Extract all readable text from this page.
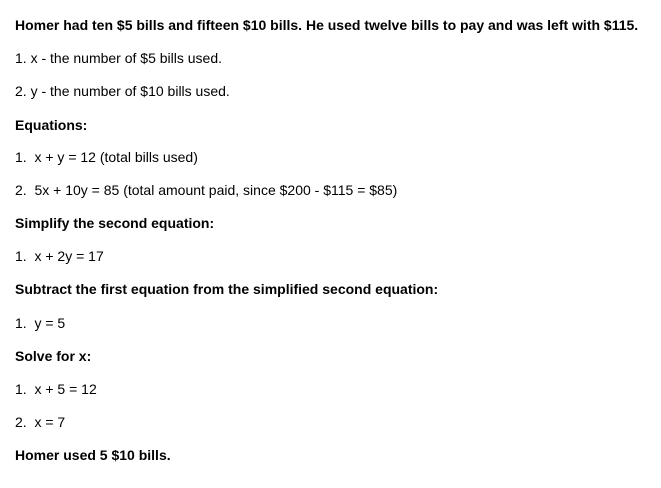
Homer had ten $5 bills and fifteen $10 bills. He used twelve bills to pay and was left with $115.
1. x - the number of $5 bills used.
2. y - the number of $10 bills used.
Equations:
1. x + y = 12 (total bills used)
2. 5x + 10y = 85 (total amount paid, since $200 - $115 = $85)
Simplify the second equation:
1. x + 2y = 17
Subtract the first equation from the simplified second equation:
1. y = 5
Solve for x:
1. x + 5 = 12
2. x = 7
Homer used 5 $10 bills.
